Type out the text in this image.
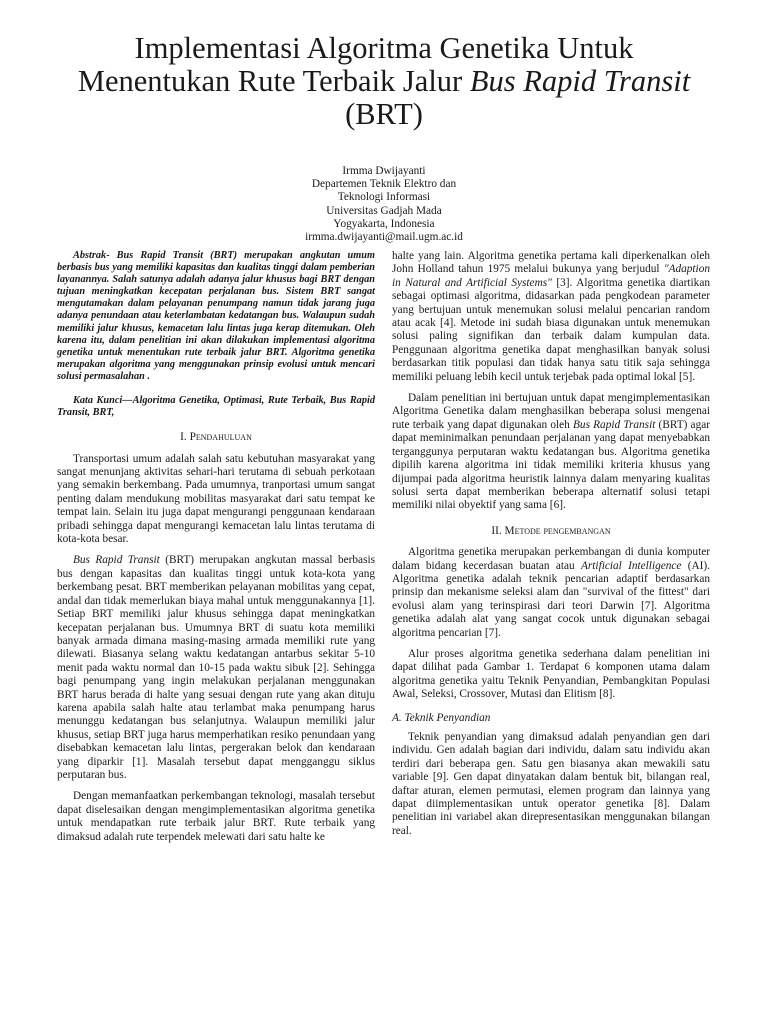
Implementasi Algoritma Genetika Untuk
Menentukan Rute Terbaik Jalur Bus Rapid Transit
(BRT)
Irmma Dwijayanti
Departemen Teknik Elektro dan
Teknologi Informasi
Universitas Gadjah Mada
Yogyakarta, Indonesia
irmma.dwijayanti@mail.ugm.ac.id

Abstrak- Bus Rapid Transit (BRT) merupakan angkutan umum berbasis bus yang memiliki kapasitas dan kualitas tinggi dalam pemberian layanannya. Salah satunya adalah adanya jalur khusus bagi BRT dengan tujuan meningkatkan kecepatan perjalanan bus. Sistem BRT sangat mengutamakan dalam pelayanan penumpang namun tidak jarang juga adanya penundaan atau keterlambatan kedatangan bus. Walaupun sudah memiliki jalur khusus, kemacetan lalu lintas juga kerap ditemukan. Oleh karena itu, dalam penelitian ini akan dilakukan implementasi algoritma genetika untuk menentukan rute terbaik jalur BRT. Algoritma genetika merupakan algoritma yang menggunakan prinsip evolusi untuk mencari solusi permasalahan .

Kata Kunci—Algoritma Genetika, Optimasi, Rute Terbaik, Bus Rapid Transit, BRT,

I. Pendahuluan

Transportasi umum adalah salah satu kebutuhan masyarakat yang sangat menunjang aktivitas sehari-hari terutama di sebuah perkotaan yang semakin berkembang. Pada umumnya, tranportasi umum sangat penting dalam mendukung mobilitas masyarakat dari satu tempat ke tempat lain. Selain itu juga dapat mengurangi penggunaan kendaraan pribadi sehingga dapat mengurangi kemacetan lalu lintas terutama di kota-kota besar.

Bus Rapid Transit (BRT) merupakan angkutan massal berbasis bus dengan kapasitas dan kualitas tinggi untuk kota-kota yang berkembang pesat. BRT memberikan pelayanan mobilitas yang cepat, andal dan tidak memerlukan biaya mahal untuk menggunakannya [1]. Setiap BRT memiliki jalur khusus sehingga dapat meningkatkan kecepatan perjalanan bus. Umumnya BRT di suatu kota memiliki banyak armada dimana masing-masing armada memiliki rute yang dilewati. Biasanya selang waktu kedatangan antarbus sekitar 5-10 menit pada waktu normal dan 10-15 pada waktu sibuk [2]. Sehingga bagi penumpang yang ingin melakukan perjalanan menggunakan BRT harus berada di halte yang sesuai dengan rute yang akan dituju karena apabila salah halte atau terlambat maka penumpang harus menunggu kedatangan bus selanjutnya. Walaupun memiliki jalur khusus, setiap BRT juga harus memperhatikan resiko penundaan yang disebabkan kemacetan lalu lintas, pergerakan belok dan kendaraan yang diparkir [1]. Masalah tersebut dapat mengganggu siklus perputaran bus.

Dengan memanfaatkan perkembangan teknologi, masalah tersebut dapat diselesaikan dengan mengimplementasikan algoritma genetika untuk mendapatkan rute terbaik jalur BRT. Rute terbaik yang dimaksud adalah rute terpendek melewati dari satu halte ke

halte yang lain. Algoritma genetika pertama kali diperkenalkan oleh John Holland tahun 1975 melalui bukunya yang berjudul "Adaption in Natural and Artificial Systems" [3]. Algoritma genetika diartikan sebagai optimasi algoritma, didasarkan pada pengkodean parameter yang bertujuan untuk menemukan solusi melalui pencarian random atau acak [4]. Metode ini sudah biasa digunakan untuk menemukan solusi paling signifikan dan terbaik dalam kumpulan data. Penggunaan algoritma genetika dapat menghasilkan banyak solusi berdasarkan titik populasi dan tidak hanya satu titik saja sehingga memiliki peluang lebih kecil untuk terjebak pada optimal lokal [5].

Dalam penelitian ini bertujuan untuk dapat mengimplementasikan Algoritma Genetika dalam menghasilkan beberapa solusi mengenai rute terbaik yang dapat digunakan oleh Bus Rapid Transit (BRT) agar dapat meminimalkan penundaan perjalanan yang dapat menyebabkan terganggunya perputaran waktu kedatangan bus. Algoritma genetika dipilih karena algoritma ini tidak memiliki kriteria khusus yang dijumpai pada algoritma heuristik lainnya dalam menyaring kualitas solusi serta dapat memberikan beberapa alternatif solusi tetapi memiliki nilai obyektif yang sama [6].

II. Metode pengembangan

Algoritma genetika merupakan perkembangan di dunia komputer dalam bidang kecerdasan buatan atau Artificial Intelligence (AI). Algoritma genetika adalah teknik pencarian adaptif berdasarkan prinsip dan mekanisme seleksi alam dan "survival of the fittest" dari evolusi alam yang terinspirasi dari teori Darwin [7]. Algoritma genetika adalah alat yang sangat cocok untuk digunakan sebagai algoritma pencarian [7].

Alur proses algoritma genetika sederhana dalam penelitian ini dapat dilihat pada Gambar 1. Terdapat 6 komponen utama dalam algoritma genetika yaitu Teknik Penyandian, Pembangkitan Populasi Awal, Seleksi, Crossover, Mutasi dan Elitism [8].

A. Teknik Penyandian

Teknik penyandian yang dimaksud adalah penyandian gen dari individu. Gen adalah bagian dari individu, dalam satu individu akan terdiri dari beberapa gen. Satu gen biasanya akan mewakili satu variable [9]. Gen dapat dinyatakan dalam bentuk bit, bilangan real, daftar aturan, elemen permutasi, elemen program dan lainnya yang dapat diimplementasikan untuk operator genetika [8]. Dalam penelitian ini variabel akan direpresentasikan menggunakan bilangan real.
